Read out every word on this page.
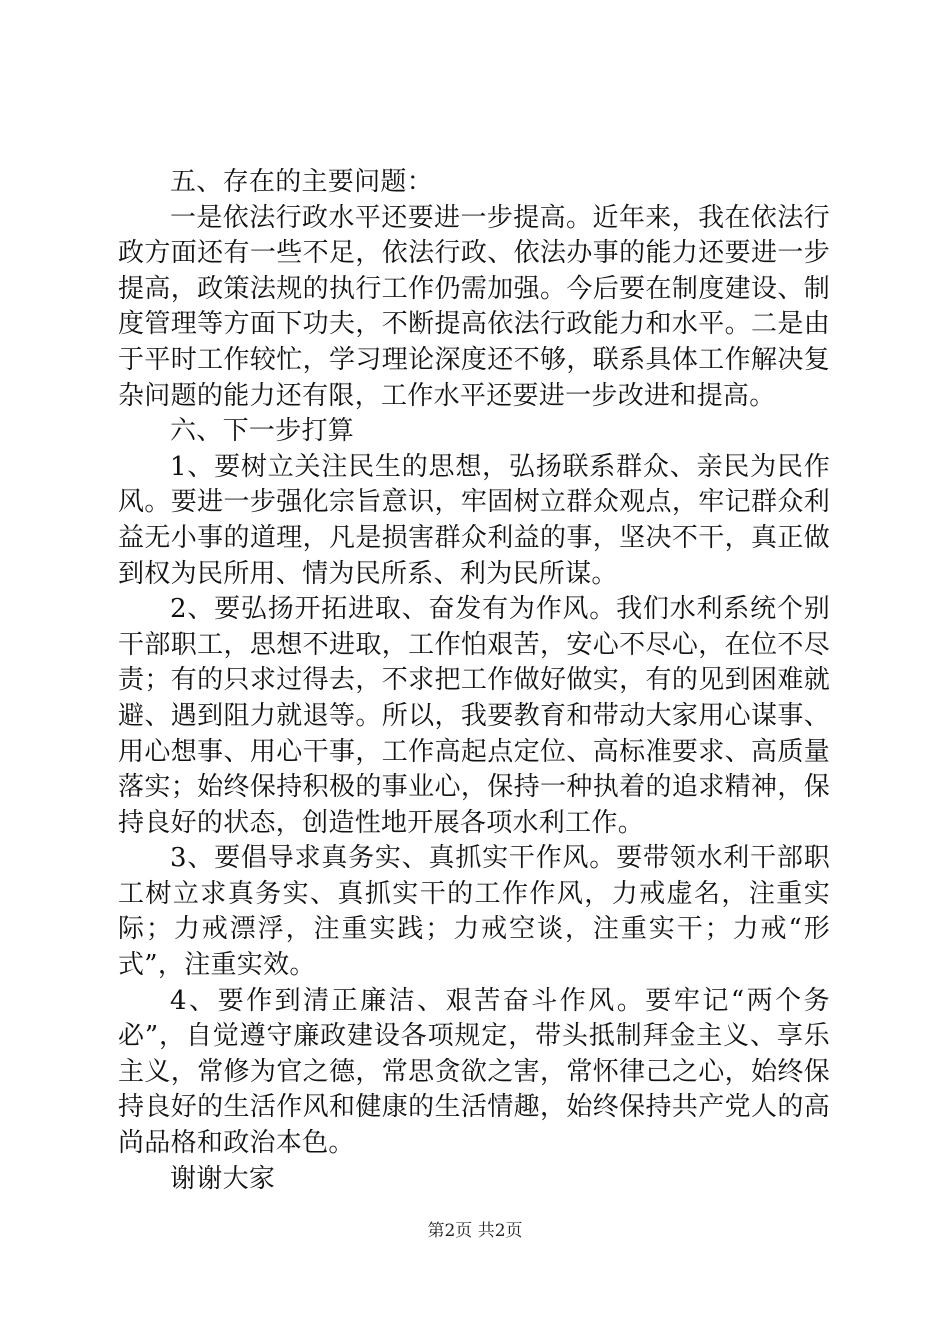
五、存在的主要问题：

一是依法行政水平还要进一步提高。近年来，我在依法行政方面还有一些不足，依法行政、依法办事的能力还要进一步提高，政策法规的执行工作仍需加强。今后要在制度建设、制度管理等方面下功夫，不断提高依法行政能力和水平。二是由于平时工作较忙，学习理论深度还不够，联系具体工作解决复杂问题的能力还有限，工作水平还要进一步改进和提高。

六、下一步打算

1、要树立关注民生的思想，弘扬联系群众、亲民为民作风。要进一步强化宗旨意识，牢固树立群众观点，牢记群众利益无小事的道理，凡是损害群众利益的事，坚决不干，真正做到权为民所用、情为民所系、利为民所谋。

2、要弘扬开拓进取、奋发有为作风。我们水利系统个别干部职工，思想不进取，工作怕艰苦，安心不尽心，在位不尽责；有的只求过得去，不求把工作做好做实，有的见到困难就避、遇到阻力就退等。所以，我要教育和带动大家用心谋事、用心想事、用心干事，工作高起点定位、高标准要求、高质量落实；始终保持积极的事业心，保持一种执着的追求精神，保持良好的状态，创造性地开展各项水利工作。

3、要倡导求真务实、真抓实干作风。要带领水利干部职工树立求真务实、真抓实干的工作作风，力戒虚名，注重实际；力戒漂浮，注重实践；力戒空谈，注重实干；力戒“形式”，注重实效。

4、要作到清正廉洁、艰苦奋斗作风。要牢记“两个务必”，自觉遵守廉政建设各项规定，带头抵制拜金主义、享乐主义，常修为官之德，常思贪欲之害，常怀律己之心，始终保持良好的生活作风和健康的生活情趣，始终保持共产党人的高尚品格和政治本色。

谢谢大家

第2页 共2页
